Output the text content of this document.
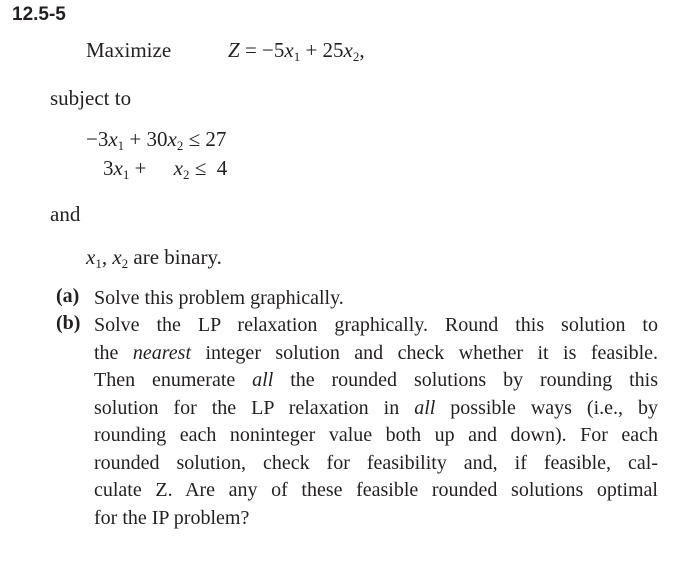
12.5-5
Maximize	$Z = -5x_1 + 25x_2$,
subject to
$-3x_1 + 30x_2 \le 27$
$3x_1 + x_2 \le 4$
and
$x_1$, $x_2$ are binary.
(a) Solve this problem graphically.
(b) Solve the LP relaxation graphically. Round this solution to
the nearest integer solution and check whether it is feasible.
Then enumerate all the rounded solutions by rounding this
solution for the LP relaxation in all possible ways (i.e., by
rounding each noninteger value both up and down). For each
rounded solution, check for feasibility and, if feasible, cal-
culate Z. Are any of these feasible rounded solutions optimal
for the IP problem?
